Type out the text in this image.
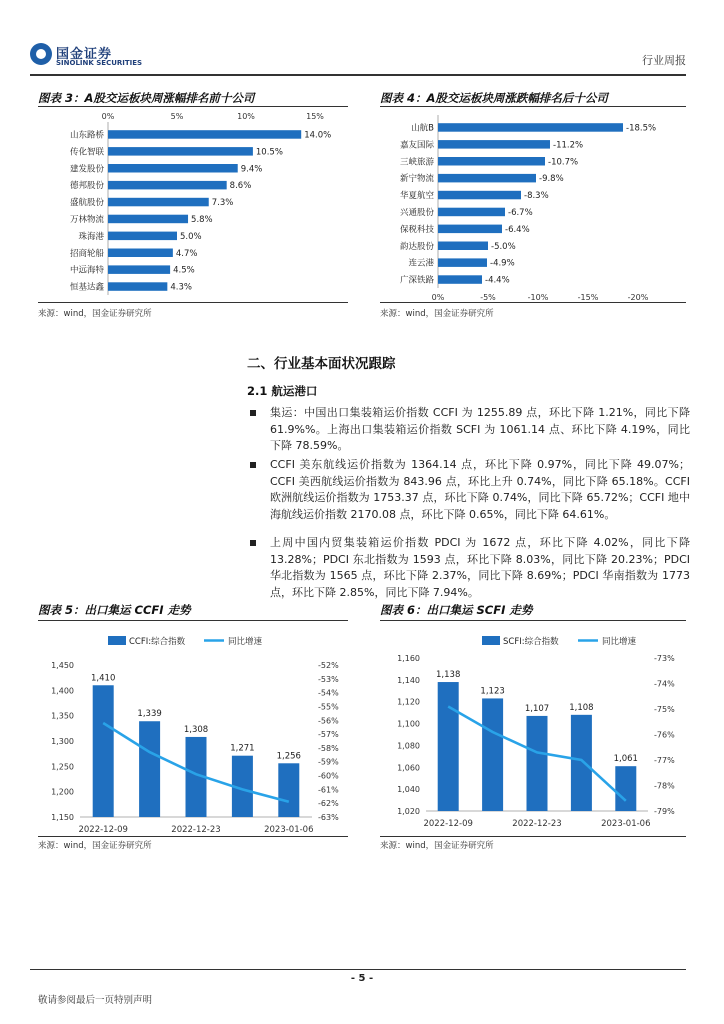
国金证券
SINOLINK SECURITIES	行业周报
图表 3：A股交运板块周涨幅排名前十公司
0%	5%	10%	15%
山东路桥	14.0%
传化智联	10.5%
建发股份	9.4%
德邦股份	8.6%
盛航股份	7.3%
万林物流	5.8%
珠海港	5.0%
招商轮船	4.7%
中远海特	4.5%
恒基达鑫	4.3%
来源：wind，国金证券研究所
图表 4：A股交运板块周涨跌幅排名后十公司
0%	-5%	-10%	-15%	-20%
山航B	-18.5%
嘉友国际	-11.2%
三峡旅游	-10.7%
新宁物流	-9.8%
华夏航空	-8.3%
兴通股份	-6.7%
保税科技	-6.4%
韵达股份	-5.0%
连云港	-4.9%
广深铁路	-4.4%
来源：wind，国金证券研究所
二、行业基本面状况跟踪
2.1 航运港口
集运：中国出口集装箱运价指数 CCFI 为 1255.89 点，环比下降 1.21%，同比下降 61.9%%。上海出口集装箱运价指数 SCFI 为 1061.14 点、环比下降 4.19%，同比下降 78.59%。
CCFI 美东航线运价指数为 1364.14 点，环比下降 0.97%，同比下降 49.07%；CCFI 美西航线运价指数为 843.96 点，环比上升 0.74%，同比下降 65.18%。CCFI 欧洲航线运价指数为 1753.37 点，环比下降 0.74%，同比下降 65.72%；CCFI 地中海航线运价指数 2170.08 点，环比下降 0.65%，同比下降 64.61%。
上周中国内贸集装箱运价指数 PDCI 为 1672 点，环比下降 4.02%，同比下降 13.28%；PDCI 东北指数为 1593 点，环比下降 8.03%，同比下降 20.23%；PDCI 华北指数为 1565 点，环比下降 2.37%，同比下降 8.69%；PDCI 华南指数为 1773 点，环比下降 2.85%，同比下降 7.94%。
图表 5：出口集运 CCFI 走势
CCFI:综合指数	同比增速
1,150
1,200
1,250
1,300
1,350
1,400
1,450	-52%
-53%
-54%
-55%
-56%
-57%
-58%
-59%
-60%
-61%
-62%
-63%
1,410
1,339
1,308
1,271
1,256
2022-12-09	2022-12-23	2023-01-06
来源：wind，国金证券研究所
图表 6：出口集运 SCFI 走势
SCFI:综合指数	同比增速
1,020
1,040
1,060
1,080
1,100
1,120
1,140
1,160	-73%
-74%
-75%
-76%
-77%
-78%
-79%
1,138
1,123
1,107 1,108
1,061
2022-12-09	2022-12-23	2023-01-06
来源：wind，国金证券研究所
- 5 -
敬请参阅最后一页特别声明
